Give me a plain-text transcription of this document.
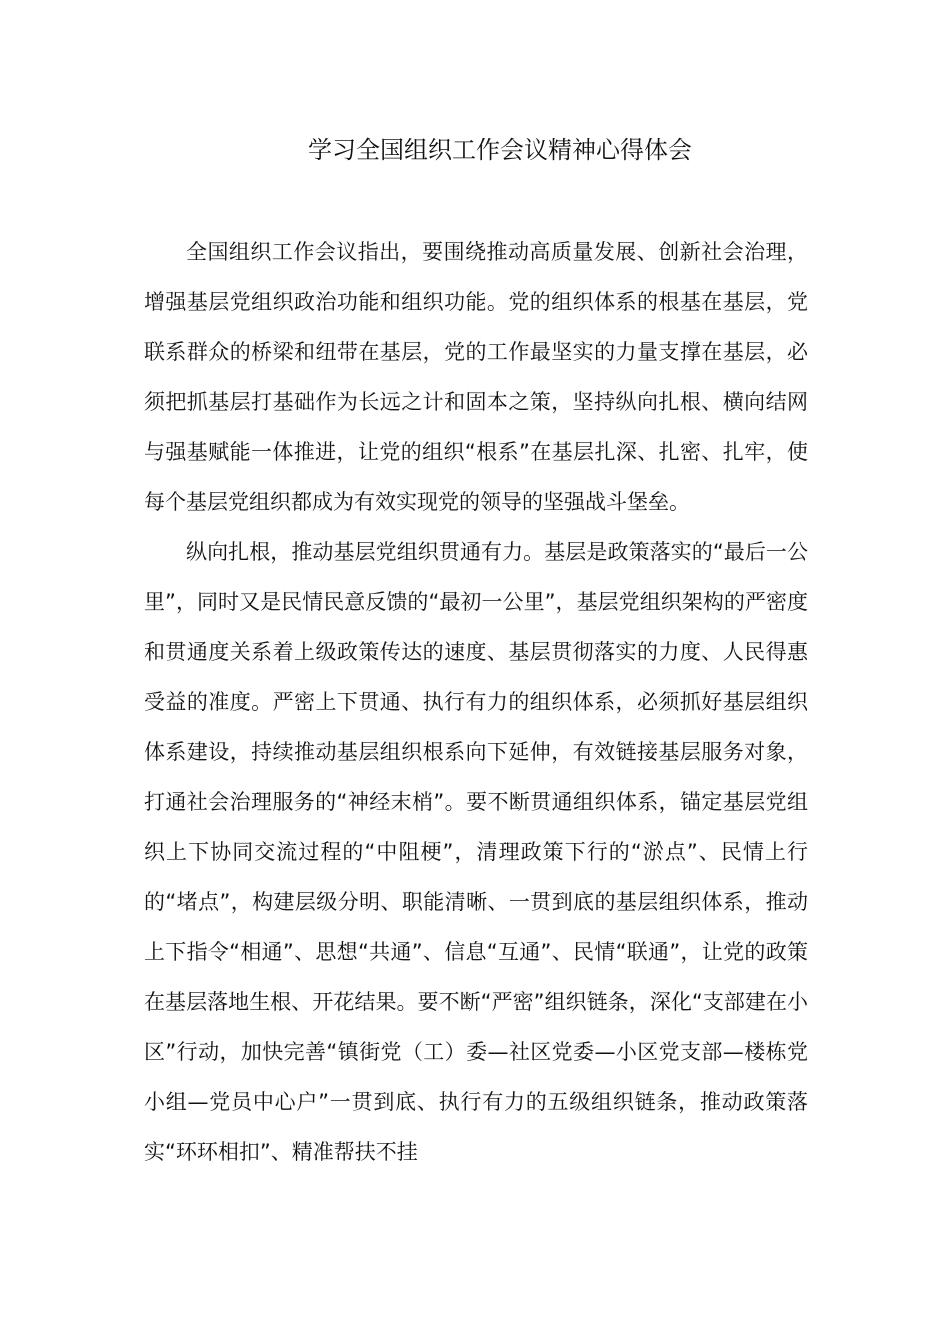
学习全国组织工作会议精神心得体会

全国组织工作会议指出，要围绕推动高质量发展、创新社会治理，增强基层党组织政治功能和组织功能。党的组织体系的根基在基层，党联系群众的桥梁和纽带在基层，党的工作最坚实的力量支撑在基层，必须把抓基层打基础作为长远之计和固本之策，坚持纵向扎根、横向结网与强基赋能一体推进，让党的组织“根系”在基层扎深、扎密、扎牢，使每个基层党组织都成为有效实现党的领导的坚强战斗堡垒。

纵向扎根，推动基层党组织贯通有力。基层是政策落实的“最后一公里”，同时又是民情民意反馈的“最初一公里”，基层党组织架构的严密度和贯通度关系着上级政策传达的速度、基层贯彻落实的力度、人民得惠受益的准度。严密上下贯通、执行有力的组织体系，必须抓好基层组织体系建设，持续推动基层组织根系向下延伸，有效链接基层服务对象，打通社会治理服务的“神经末梢”。要不断贯通组织体系，锚定基层党组织上下协同交流过程的“中阻梗”，清理政策下行的“淤点”、民情上行的“堵点”，构建层级分明、职能清晰、一贯到底的基层组织体系，推动上下指令“相通”、思想“共通”、信息“互通”、民情“联通”，让党的政策在基层落地生根、开花结果。要不断“严密”组织链条，深化“支部建在小区”行动，加快完善“镇街党（工）委—社区党委—小区党支部—楼栋党小组—党员中心户”一贯到底、执行有力的五级组织链条，推动政策落实“环环相扣”、精准帮扶不挂
